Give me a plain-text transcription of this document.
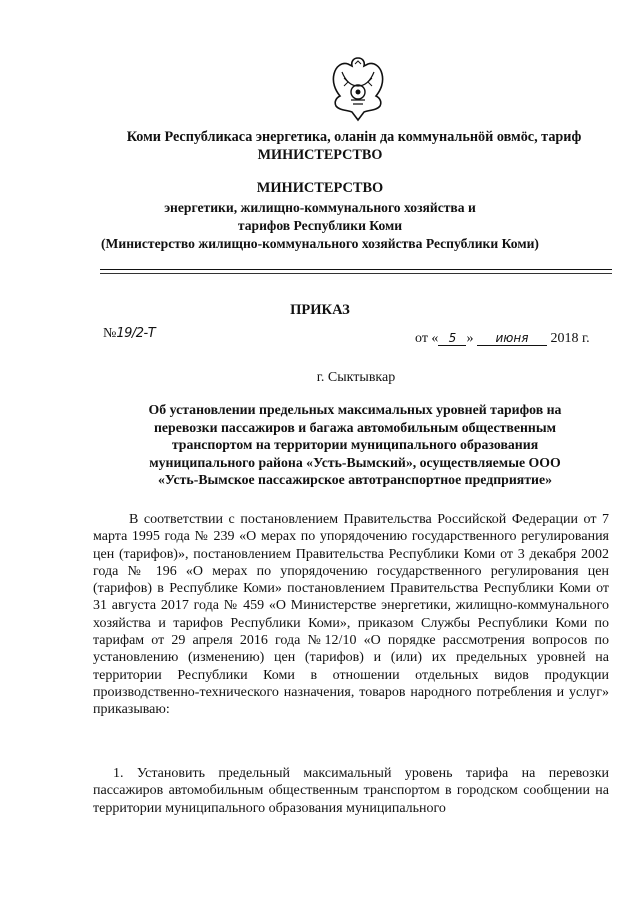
Коми Республикаса энергетика, оланін да коммунальнӧй овмӧс, тариф
МИНИСТЕРСТВО
МИНИСТЕРСТВО
энергетики, жилищно-коммунального хозяйства и
тарифов Республики Коми
(Министерство жилищно-коммунального хозяйства Республики Коми)
ПРИКАЗ
№19/2-Т	от « 5 » июня 2018 г.
г. Сыктывкар
Об установлении предельных максимальных уровней тарифов на
перевозки пассажиров и багажа автомобильным общественным
транспортом на территории муниципального образования
муниципального района «Усть-Вымский», осуществляемые ООО
«Усть-Вымское пассажирское автотранспортное предприятие»

В соответствии с постановлением Правительства Российской Федерации от 7 марта 1995 года № 239 «О мерах по упорядочению государственного регулирования цен (тарифов)», постановлением Правительства Республики Коми от 3 декабря 2002 года № 196 «О мерах по упорядочению государственного регулирования цен (тарифов) в Республике Коми» постановлением Правительства Республики Коми от 31 августа 2017 года № 459 «О Министерстве энергетики, жилищно-коммунального хозяйства и тарифов Республики Коми», приказом Службы Республики Коми по тарифам от 29 апреля 2016 года №12/10 «О порядке рассмотрения вопросов по установлению (изменению) цен (тарифов) и (или) их предельных уровней на территории Республики Коми в отношении отдельных видов продукции производственно-технического назначения, товаров народного потребления и услуг» приказываю:

1. Установить предельный максимальный уровень тарифа на перевозки пассажиров автомобильным общественным транспортом в городском сообщении на территории муниципального образования муниципального
